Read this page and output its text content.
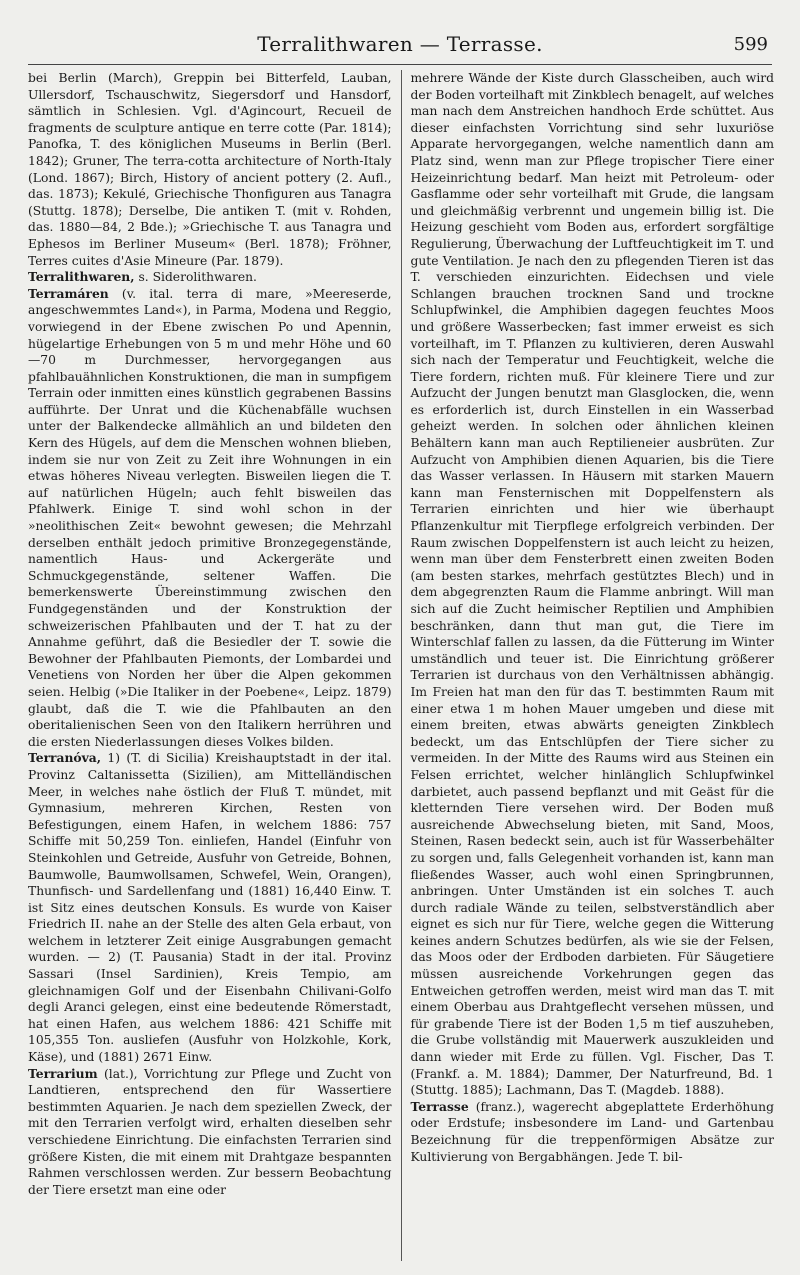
Terralithwaren — Terrasse.	599

bei Berlin (March), Greppin bei Bitterfeld, Lauban, Ullersdorf, Tschauschwitz, Siegersdorf und Hansdorf, sämtlich in Schlesien. Vgl. d'Agincourt, Recueil de fragments de sculpture antique en terre cotte (Par. 1814); Panofka, T. des königlichen Museums in Berlin (Berl. 1842); Gruner, The terra-cotta architecture of North-Italy (Lond. 1867); Birch, History of ancient pottery (2. Aufl., das. 1873); Kekulé, Griechische Thonfiguren aus Tanagra (Stuttg. 1878); Derselbe, Die antiken T. (mit v. Rohden, das. 1880—84, 2 Bde.); »Griechische T. aus Tanagra und Ephesos im Berliner Museum« (Berl. 1878); Fröhner, Terres cuites d'Asie Mineure (Par. 1879).

Terralithwaren, s. Siderolithwaren.

Terramáren (v. ital. terra di mare, »Meereserde, angeschwemmtes Land«), in Parma, Modena und Reggio, vorwiegend in der Ebene zwischen Po und Apennin, hügelartige Erhebungen von 5 m und mehr Höhe und 60—70 m Durchmesser, hervorgegangen aus pfahlbauähnlichen Konstruktionen, die man in sumpfigem Terrain oder inmitten eines künstlich gegrabenen Bassins aufführte. Der Unrat und die Küchenabfälle wuchsen unter der Balkendecke allmählich an und bildeten den Kern des Hügels, auf dem die Menschen wohnen blieben, indem sie nur von Zeit zu Zeit ihre Wohnungen in ein etwas höheres Niveau verlegten. Bisweilen liegen die T. auf natürlichen Hügeln; auch fehlt bisweilen das Pfahlwerk. Einige T. sind wohl schon in der »neolithischen Zeit« bewohnt gewesen; die Mehrzahl derselben enthält jedoch primitive Bronzegegenstände, namentlich Haus- und Ackergeräte und Schmuckgegenstände, seltener Waffen. Die bemerkenswerte Übereinstimmung zwischen den Fundgegenständen und der Konstruktion der schweizerischen Pfahlbauten und der T. hat zu der Annahme geführt, daß die Besiedler der T. sowie die Bewohner der Pfahlbauten Piemonts, der Lombardei und Venetiens von Norden her über die Alpen gekommen seien. Helbig (»Die Italiker in der Poebene«, Leipz. 1879) glaubt, daß die T. wie die Pfahlbauten an den oberitalienischen Seen von den Italikern herrühren und die ersten Niederlassungen dieses Volkes bilden.

Terranóva, 1) (T. di Sicilia) Kreishauptstadt in der ital. Provinz Caltanissetta (Sizilien), am Mittelländischen Meer, in welches nahe östlich der Fluß T. mündet, mit Gymnasium, mehreren Kirchen, Resten von Befestigungen, einem Hafen, in welchem 1886: 757 Schiffe mit 50,259 Ton. einliefen, Handel (Einfuhr von Steinkohlen und Getreide, Ausfuhr von Getreide, Bohnen, Baumwolle, Baumwollsamen, Schwefel, Wein, Orangen), Thunfisch- und Sardellenfang und (1881) 16,440 Einw. T. ist Sitz eines deutschen Konsuls. Es wurde von Kaiser Friedrich II. nahe an der Stelle des alten Gela erbaut, von welchem in letzterer Zeit einige Ausgrabungen gemacht wurden. — 2) (T. Pausania) Stadt in der ital. Provinz Sassari (Insel Sardinien), Kreis Tempio, am gleichnamigen Golf und der Eisenbahn Chilivani-Golfo degli Aranci gelegen, einst eine bedeutende Römerstadt, hat einen Hafen, aus welchem 1886: 421 Schiffe mit 105,355 Ton. ausliefen (Ausfuhr von Holzkohle, Kork, Käse), und (1881) 2671 Einw.

Terrarium (lat.), Vorrichtung zur Pflege und Zucht von Landtieren, entsprechend den für Wassertiere bestimmten Aquarien. Je nach dem speziellen Zweck, der mit den Terrarien verfolgt wird, erhalten dieselben sehr verschiedene Einrichtung. Die einfachsten Terrarien sind größere Kisten, die mit einem mit Drahtgaze bespannten Rahmen verschlossen werden. Zur bessern Beobachtung der Tiere ersetzt man eine oder

mehrere Wände der Kiste durch Glasscheiben, auch wird der Boden vorteilhaft mit Zinkblech benagelt, auf welches man nach dem Anstreichen handhoch Erde schüttet. Aus dieser einfachsten Vorrichtung sind sehr luxuriöse Apparate hervorgegangen, welche namentlich dann am Platz sind, wenn man zur Pflege tropischer Tiere einer Heizeinrichtung bedarf. Man heizt mit Petroleum- oder Gasflamme oder sehr vorteilhaft mit Grude, die langsam und gleichmäßig verbrennt und ungemein billig ist. Die Heizung geschieht vom Boden aus, erfordert sorgfältige Regulierung, Überwachung der Luftfeuchtigkeit im T. und gute Ventilation. Je nach den zu pflegenden Tieren ist das T. verschieden einzurichten. Eidechsen und viele Schlangen brauchen trocknen Sand und trockne Schlupfwinkel, die Amphibien dagegen feuchtes Moos und größere Wasserbecken; fast immer erweist es sich vorteilhaft, im T. Pflanzen zu kultivieren, deren Auswahl sich nach der Temperatur und Feuchtigkeit, welche die Tiere fordern, richten muß. Für kleinere Tiere und zur Aufzucht der Jungen benutzt man Glasglocken, die, wenn es erforderlich ist, durch Einstellen in ein Wasserbad geheizt werden. In solchen oder ähnlichen kleinen Behältern kann man auch Reptilieneier ausbrüten. Zur Aufzucht von Amphibien dienen Aquarien, bis die Tiere das Wasser verlassen. In Häusern mit starken Mauern kann man Fensternischen mit Doppelfenstern als Terrarien einrichten und hier wie überhaupt Pflanzenkultur mit Tierpflege erfolgreich verbinden. Der Raum zwischen Doppelfenstern ist auch leicht zu heizen, wenn man über dem Fensterbrett einen zweiten Boden (am besten starkes, mehrfach gestütztes Blech) und in dem abgegrenzten Raum die Flamme anbringt. Will man sich auf die Zucht heimischer Reptilien und Amphibien beschränken, dann thut man gut, die Tiere im Winterschlaf fallen zu lassen, da die Fütterung im Winter umständlich und teuer ist. Die Einrichtung größerer Terrarien ist durchaus von den Verhältnissen abhängig. Im Freien hat man den für das T. bestimmten Raum mit einer etwa 1 m hohen Mauer umgeben und diese mit einem breiten, etwas abwärts geneigten Zinkblech bedeckt, um das Entschlüpfen der Tiere sicher zu vermeiden. In der Mitte des Raums wird aus Steinen ein Felsen errichtet, welcher hinlänglich Schlupfwinkel darbietet, auch passend bepflanzt und mit Geäst für die kletternden Tiere versehen wird. Der Boden muß ausreichende Abwechselung bieten, mit Sand, Moos, Steinen, Rasen bedeckt sein, auch ist für Wasserbehälter zu sorgen und, falls Gelegenheit vorhanden ist, kann man fließendes Wasser, auch wohl einen Springbrunnen, anbringen. Unter Umständen ist ein solches T. auch durch radiale Wände zu teilen, selbstverständlich aber eignet es sich nur für Tiere, welche gegen die Witterung keines andern Schutzes bedürfen, als wie sie der Felsen, das Moos oder der Erdboden darbieten. Für Säugetiere müssen ausreichende Vorkehrungen gegen das Entweichen getroffen werden, meist wird man das T. mit einem Oberbau aus Drahtgeflecht versehen müssen, und für grabende Tiere ist der Boden 1,5 m tief auszuheben, die Grube vollständig mit Mauerwerk auszukleiden und dann wieder mit Erde zu füllen. Vgl. Fischer, Das T. (Frankf. a. M. 1884); Dammer, Der Naturfreund, Bd. 1 (Stuttg. 1885); Lachmann, Das T. (Magdeb. 1888).

Terrasse (franz.), wagerecht abgeplattete Erderhöhung oder Erdstufe; insbesondere im Land- und Gartenbau Bezeichnung für die treppenförmigen Absätze zur Kultivierung von Bergabhängen. Jede T. bil-
